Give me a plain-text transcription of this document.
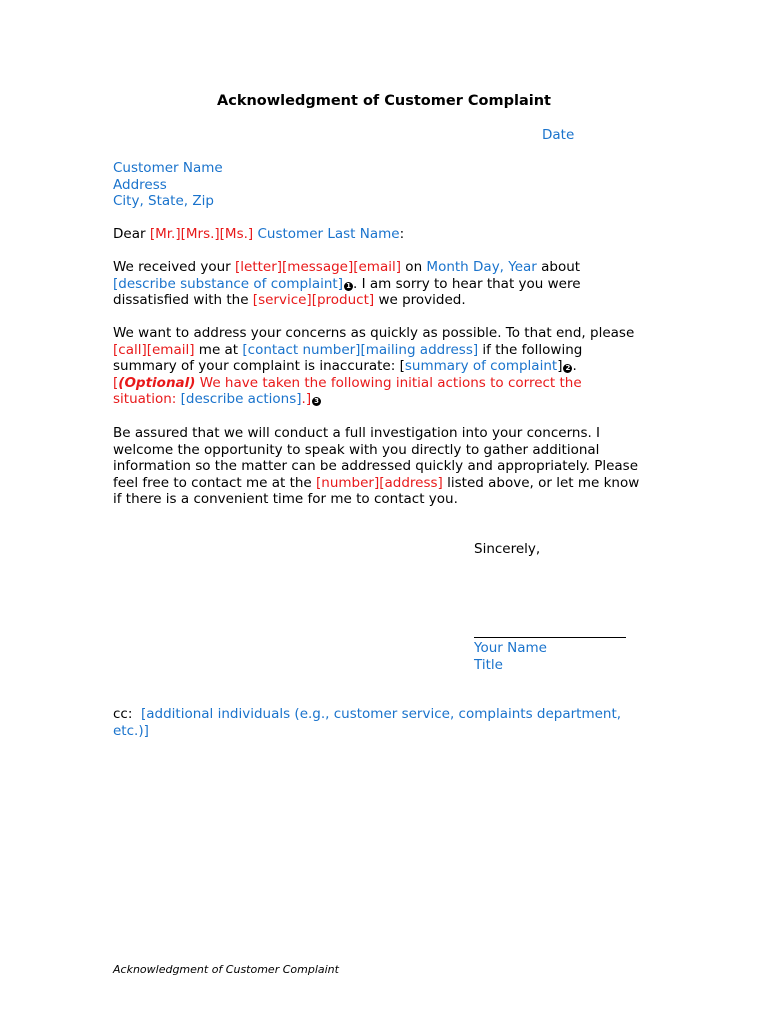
Acknowledgment of Customer Complaint
Date
Customer Name
Address
City, State, Zip
Dear [Mr.][Mrs.][Ms.] Customer Last Name:
We received your [letter][message][email] on Month Day, Year about
[describe substance of complaint] 1 . I am sorry to hear that you were
dissatisfied with the [service][product] we provided.
We want to address your concerns as quickly as possible. To that end, please
[call][email] me at [contact number][mailing address] if the following
summary of your complaint is inaccurate: [summary of complaint] 2 .
[(Optional) We have taken the following initial actions to correct the
situation: [describe actions].] 3
Be assured that we will conduct a full investigation into your concerns. I
welcome the opportunity to speak with you directly to gather additional
information so the matter can be addressed quickly and appropriately. Please
feel free to contact me at the [number][address] listed above, or let me know
if there is a convenient time for me to contact you.
Sincerely,
Your Name
Title
cc:  [additional individuals (e.g., customer service, complaints department,
etc.)]
Acknowledgment of Customer Complaint
